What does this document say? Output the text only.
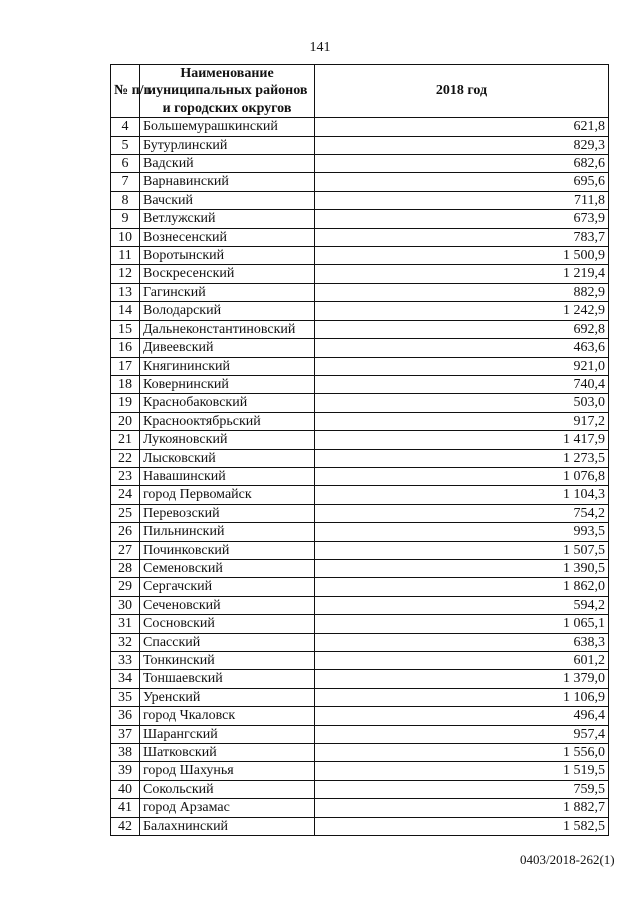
141
№ п/п	Наименование муниципальных районов и городских округов	2018 год
4	Большемурашкинский	621,8
5	Бутурлинский	829,3
6	Вадский	682,6
7	Варнавинский	695,6
8	Вачский	711,8
9	Ветлужский	673,9
10	Вознесенский	783,7
11	Воротынский	1 500,9
12	Воскресенский	1 219,4
13	Гагинский	882,9
14	Володарский	1 242,9
15	Дальнеконстантиновский	692,8
16	Дивеевский	463,6
17	Княгининский	921,0
18	Ковернинский	740,4
19	Краснобаковский	503,0
20	Краснооктябрьский	917,2
21	Лукояновский	1 417,9
22	Лысковский	1 273,5
23	Навашинский	1 076,8
24	город Первомайск	1 104,3
25	Перевозский	754,2
26	Пильнинский	993,5
27	Починковский	1 507,5
28	Семеновский	1 390,5
29	Сергачский	1 862,0
30	Сеченовский	594,2
31	Сосновский	1 065,1
32	Спасский	638,3
33	Тонкинский	601,2
34	Тоншаевский	1 379,0
35	Уренский	1 106,9
36	город Чкаловск	496,4
37	Шарангский	957,4
38	Шатковский	1 556,0
39	город Шахунья	1 519,5
40	Сокольский	759,5
41	город Арзамас	1 882,7
42	Балахнинский	1 582,5
0403/2018-262(1)
